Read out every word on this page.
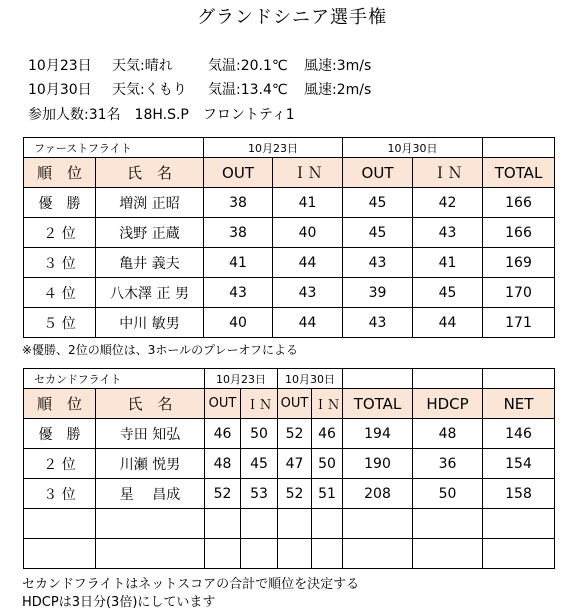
グランドシニア選手権
10月23日 天気:晴れ	気温:20.1℃ 風速:3m/s
10月30日 天気:くもり 気温:13.4℃ 風速:2m/s
参加人数:31名　18H.S.P　フロントティ1
ファーストフライト		10月23日		10月30日		
順　位	氏　名	OUT	ＩＮ	OUT	ＩＮ	TOTAL
優　勝	増渕 正昭	38	41	45	42	166
２ 位	浅野 正蔵	38	40	45	43	166
３ 位	亀井 義夫	41	44	43	41	169
４ 位	八木澤 正 男	43	43	39	45	170
５ 位	中川 敏男	40	44	43	44	171
※優勝、2位の順位は、3ホールのプレーオフによる
セカンドフライト		10月23日		10月30日				
順　位	氏　名	OUT	ＩＮ	OUT	ＩＮ	TOTAL	HDCP	NET
優　勝	寺田 知弘	46	50	52	46	194	48	146
２ 位	川瀬 悦男	48	45	47	50	190	36	154
３ 位	星　 昌成	52	53	52	51	208	50	158

セカンドフライトはネットスコアの合計で順位を決定する
HDCPは3日分(3倍)にしています
